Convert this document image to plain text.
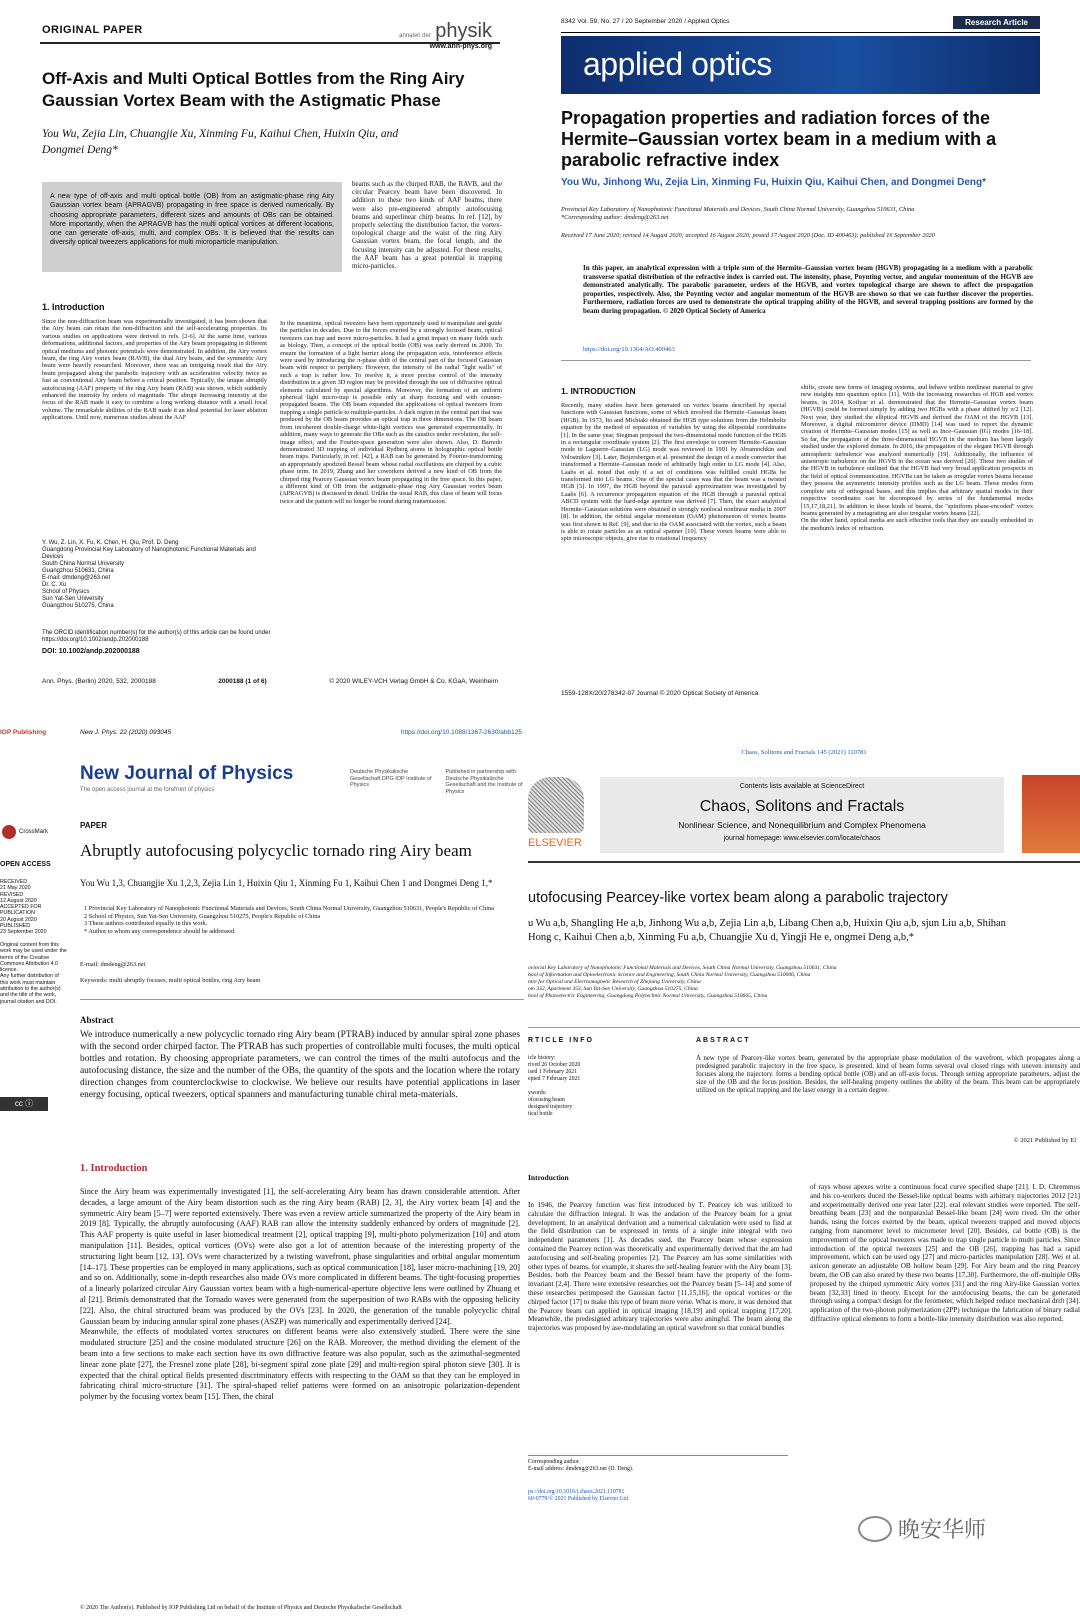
ORIGINAL PAPER	annalen der physik
www.ann-phys.org
Off-Axis and Multi Optical Bottles from the Ring Airy Gaussian Vortex Beam with the Astigmatic Phase
You Wu, Zejia Lin, Chuangjie Xu, Xinming Fu, Kaihui Chen, Huixin Qiu, and Dongmei Deng*
A new type of off-axis and multi optical bottle (OB) from an astigmatic-phase ring Airy Gaussian vortex beam (APRAGVB) propagating in free space is derived numerically. By choosing appropriate parameters, different sizes and amounts of OBs can be obtained. More importantly, when the APRAGVB has the multi optical vortices at different locations, one can generate off-axis, multi, and complex OBs. It is believed that the results can diversify optical tweezers applications for multi microparticle manipulation.
beams such as the chirped RAB, the RAVB, and the circular Pearcey beam have been discovered. In addition to these two kinds of AAF beams, there were also pre-engineered abruptly autofocusing beams and superlinear chirp beams. In ref. [12], by properly selecting the distribution factor, the vortex-topological charge and the waist of the ring Airy Gaussian vortex beam, the focal length, and the focusing intensity can be adjusted. For these results, the AAF beam has a great potential in trapping micro-particles.
1. Introduction
Since the non-diffraction beam was experimentally investigated, it has been shown that the Airy beam can retain the non-diffraction and the self-accelerating properties. Its various studies on applications were derived in refs. [2-6]. At the same time, various deformations, additional factors, and properties of the Airy beam propagating in different optical mediums and photonic potentials were demonstrated. In addition, the Airy vortex beam, the ring Airy vortex beam (RAVB), the dual Airy beam, and the symmetric Airy beam were heavily researched. Moreover, there was an intriguing result that the Airy beam propagated along the parabolic trajectory with an acceleration velocity twice as fast as conventional Airy beam before a critical position. Typically, the unique abruptly autofocusing (AAF) property of the ring Airy beam (RAB) was shown, which suddenly enhanced the intensity by orders of magnitude. The abrupt increasing intensity at the focus of the RAB made it easy to combine a long working distance with a small focal volume. The remarkable abilities of the RAB made it an ideal potential for laser ablation applications. Until now, numerous studies about the AAF
In the meantime, optical tweezers have been opportunely used to manipulate and guide the particles in decades. Due to the forces exerted by a strongly focused beam, optical tweezers can trap and move micro-particles. It had a great impact on many fields such as biology. Then, a concept of the optical bottle (OB) was early derived in 2000. To ensure the formation of a light barrier along the propagation axis, interference effects were used by introducing the π-phase shift of the central part of the focused Gaussian beam with respect to periphery. However, the intensity of the radial "light walls" of such a trap is rather low. To resolve it, a more precise control of the intensity distribution in a given 3D region may be provided through the use of diffractive optical elements calculated by special algorithms. Moreover, the formation of an uniform spherical light micro-trap is possible only at sharp focusing and with counter-propagated beams. The OB beam expanded the applications of optical tweezers from trapping a single particle to multiple-particles. A dark region in the central part that was produced by the OB beam provides an optical trap in three dimensions. The OB beam from incoherent double-charge white-light vortices was generated experimentally. In addition, many ways to generate the OBs such as the caustics under revolution, the self-image effect, and the Fourier-space generation were also shown. Also, D. Barredo demonstrated 3D trapping of individual Rydberg atoms in holographic optical bottle beam traps. Particularly, in ref. [42], a RAB can be generated by Fourier-transforming an appropriately apodized Bessel beam whose radial oscillations are chirped by a cubic phase term. In 2019, Zhang and her coworkers derived a new kind of OB from the chirped ring Pearcey Gaussian vortex beam propagating in the free space. In this paper, a different kind of OB from the astigmatic-phase ring Airy Gaussian vortex beam (APRAGVB) is discussed in detail. Unlike the usual RAB, this class of beam will focus twice and the pattern will no longer be round during transmission.
Y. Wu, Z. Lin, X. Fu, K. Chen, H. Qiu, Prof. D. Deng
Guangdong Provincial Key Laboratory of Nanophotonic Functional Materials and Devices
South China Normal University
Guangzhou 510631, China
E-mail: dmdeng@263.net
Dr. C. Xu
School of Physics
Sun Yat-Sen University
Guangzhou 510275, China
The ORCID identification number(s) for the author(s) of this article can be found under https://doi.org/10.1002/andp.202000188
DOI: 10.1002/andp.202000188
Ann. Phys. (Berlin) 2020, 532, 2000188	2000188 (1 of 6)	© 2020 WILEY-VCH Verlag GmbH & Co. KGaA, Weinheim
8342 Vol. 59, No. 27 / 20 September 2020 / Applied Optics	Research Article
applied optics
Propagation properties and radiation forces of the Hermite–Gaussian vortex beam in a medium with a parabolic refractive index
You Wu, Jinhong Wu, Zejia Lin, Xinming Fu, Huixin Qiu, Kaihui Chen, and Dongmei Deng*
Provincial Key Laboratory of Nanophotonic Functional Materials and Devices, South China Normal University, Guangzhou 510631, China
*Corresponding author: dmdeng@263.net
Received 17 June 2020; revised 14 August 2020; accepted 16 August 2020; posted 17 August 2020 (Doc. ID 400463); published 16 September 2020
In this paper, an analytical expression with a triple sum of the Hermite–Gaussian vortex beam (HGVB) propagating in a medium with a parabolic transverse spatial distribution of the refractive index is carried out. The intensity, phase, Poynting vector, and angular momentum of the HGVB are demonstrated analytically. The parabolic parameter, orders of the HGVB, and vortex topological charge are shown to affect the propagation properties, respectively. Also, the Poynting vector and angular momentum of the HGVB are shown so that we can further discover the properties. Furthermore, radiation forces are used to demonstrate the optical trapping ability of the HGVB, and several trapping positions are formed by the beam during propagation. © 2020 Optical Society of America
https://doi.org/10.1364/AO.400463
1. INTRODUCTION
Recently, many studies have been generated on vortex beams described by special functions with Gaussian functions, some of which involved the Hermite–Gaussian beam (HGB). In 1973, Ito and Michiaki obtained the HGB type solutions from the Helmholtz equation by the method of separation of variables by using the ellipsoidal coordinates [1]. In the same year, Siegman proposed the two-dimensional mode function of the HGB in a rectangular coordinate system [2]. The first envelope to convert Hermite–Gaussian mode to Laguerre–Gaussian (LG) mode was reviewed in 1991 by Abramochkin and Volostnikov [3]. Later, Beijersbergen et al. presented the design of a mode converter that transformed a Hermite–Gaussian mode of arbitrarily high order to LG mode [4]. Also, Laabs et al. noted that only if a set of conditions was fulfilled could HGBs be transformed into LG beams. One of the special cases was that the beam was a twisted HGB [5]. In 1997, the HGB beyond the paraxial approximation was investigated by Laabs [6]. A recurrence propagation equation of the HGB through a paraxial optical ABCD system with the hard-edge aperture was derived [7]. Then, the exact analytical Hermite–Gaussian solutions were obtained in strongly nonlocal nonlinear media in 2007 [8]. In addition, the orbital angular momentum (OAM) phenomenon of vortex beams was first shown in Ref. [9], and due to the OAM associated with the vortex, such a beam is able to rotate particles as an optical spanner [10]. These vortex beams were able to spin microscopic objects, give rise to rotational frequency
shifts, create new forms of imaging systems, and behave within nonlinear material to give new insights into quantum optics [11]. With the increasing researches of HGB and vortex beams, in 2014, Kotlyar et al. demonstrated that the Hermite–Gaussian vortex beam (HGVB) could be formed simply by adding two HGBs with a phase shifted by π/2 [12]. Next year, they studied the elliptical HGVB and derived the OAM of the HGVB [13]. Moreover, a digital micromirror device (DMD) [14] was used to report the dynamic creation of Hermite–Gaussian modes [15] as well as Ince–Gaussian (IG) modes [16–18]. So far, the propagation of the three-dimensional HGVB in the medium has been largely studied under the explored domain. In 2016, the propagation of the elegant HGVB through atmospheric turbulence was analyzed numerically [19]. Additionally, the influence of anisotropic turbulence on the HGVB in the ocean was derived [20]. These two studies of the HGVB in turbulence outlined that the HGVB had very broad application prospects in the field of optical communication. HGVBs can be taken as irregular vortex beams because they possess the asymmetric intensity profiles such as the LG beam. Those modes form complete sets of orthogonal bases, and this implies that arbitrary spatial modes in their respective coordinates can be decomposed by series of the fundamental modes [15,17,18,21]. In addition to these kinds of beams, the "spiniform phase-encoded" vortex beams generated by a metagrating are also irregular vortex beams [22].
On the other hand, optical media are such effective tools that they are usually embedded in the medium's index of refraction.
1559-128X/20/278342-07 Journal © 2020 Optical Society of America
IOP Publishing	New J. Phys. 22 (2020) 093045	https://doi.org/10.1088/1367-2630/abb125
New Journal of Physics
The open access journal at the forefront of physics
Deutsche Physikalische Gesellschaft DPG IOP Institute of Physics
Published in partnership with: Deutsche Physikalische Gesellschaft and the Institute of Physics
CrossMark
OPEN ACCESS
RECEIVED
21 May 2020
REVISED
12 August 2020
ACCEPTED FOR PUBLICATION
20 August 2020
PUBLISHED
23 September 2020

Original content from this work may be used under the terms of the Creative Commons Attribution 4.0 licence.
Any further distribution of this work must maintain attribution to the author(s) and the title of the work, journal citation and DOI.
cc ⓘ
PAPER
Abruptly autofocusing polycyclic tornado ring Airy beam
You Wu 1,3, Chuangjie Xu 1,2,3, Zejia Lin 1, Huixin Qiu 1, Xinming Fu 1, Kaihui Chen 1 and Dongmei Deng 1,*
1 Provincial Key Laboratory of Nanophotonic Functional Materials and Devices, South China Normal University, Guangzhou 510631, People's Republic of China
2 School of Physics, Sun Yat-Sen University, Guangzhou 510275, People's Republic of China
3 These authors contributed equally in this work.
* Author to whom any correspondence should be addressed.
E-mail: dmdeng@263.net
Keywords: multi abruptly focuses, multi optical bottles, ring Airy beam
Abstract
We introduce numerically a new polycyclic tornado ring Airy beam (PTRAB) induced by annular spiral zone phases with the second order chirped factor. The PTRAB has such properties of controllable multi focuses, the multi optical bottles and rotation. By choosing appropriate parameters, we can control the times of the multi autofocus and the autofocusing distance, the size and the number of the OBs, the quantity of the spots and the location where the rotary direction changes from counterclockwise to clockwise. We believe our results have potential applications in laser energy focusing, optical tweezers, optical spanners and manufacturing tunable chiral meta-materials.
1. Introduction
Since the Airy beam was experimentally investigated [1], the self-accelerating Airy beam has drawn considerable attention. After decades, a large amount of the Airy beam distortion such as the ring Airy beam (RAB) [2, 3], the Airy vortex beam [4] and the symmetric Airy beam [5–7] were reported extensively. There was even a review article summarized the property of the Airy beam in 2019 [8]. Typically, the abruptly autofocusing (AAF) RAB can allow the intensity suddenly enhanced by orders of magnitude [2]. This AAF property is quite useful in laser biomedical treatment [2], optical trapping [9], multi-photo polymerization [10] and atom manipulation [11]. Besides, optical vortices (OVs) were also got a lot of attention because of the interesting property of the structuring light beam [12, 13]. OVs were characterized by a twisting wavefront, phase singularities and orbital angular momentum [14–17]. These properties can be employed in many applications, such as optical communication [18], laser micro-machining [19, 20] and so on. Additionally, some in-depth researches also made OVs more complicated in different beams. The tight-focusing properties of a linearly polarized circular Airy Gaussian vortex beam with a high-numerical-aperture objective lens were outlined by Zhuang et al [21]. Brimis demonstrated that the Tornado waves were generated from the superposition of two RABs with the opposing helicity [22]. Also, the chiral structured beam was produced by the OVs [23]. In 2020, the generation of the tunable polycyclic chiral Gaussian beam by inducing annular spiral zone phases (ASZP) was numerically and experimentally derived [24].
Meanwhile, the effects of modulated vortex structures on different beams were also extensively studied. There were the sine modulated structure [25] and the cosine modulated structure [26] on the RAB. Moreover, the method dividing the element of the beam into a few sections to make each section have its own diffractive feature was also popular, such as the azimuthal-segmented linear zone plate [27], the Fresnel zone plate [28], bi-segment spiral zone plate [29] and multi-region spiral photon sieve [30]. It is expected that the chiral optical fields presented discriminatory effects with respecting to the OAM so that they can be employed in fabricating chiral micro-structure [31]. The spiral-shaped relief patterns were formed on an anisotropic polarization-dependent polymer by the focusing vortex beam [15]. Then, the chiral
© 2020 The Author(s). Published by IOP Publishing Ltd on behalf of the Institute of Physics and Deutsche Physikalische Gesellschaft
Chaos, Solitons and Fractals 145 (2021) 110781
ELSEVIER
Contents lists available at ScienceDirect
Chaos, Solitons and Fractals
Nonlinear Science, and Nonequilibrium and Complex Phenomena
journal homepage: www.elsevier.com/locate/chaos
utofocusing Pearcey-like vortex beam along a parabolic trajectory
u Wu a,b, Shangling He a,b, Jinhong Wu a,b, Zejia Lin a,b, Libang Chen a,b, Huixin Qiu a,b, sjun Liu a,b, Shihan Hong c, Kaihui Chen a,b, Xinming Fu a,b, Chuangjie Xu d, Yingji He e, ongmei Deng a,b,*
ovincial Key Laboratory of Nanophotonic Functional Materials and Devices, South China Normal University, Guangzhou 510631, China
hool of Information and Optoelectronic Science and Engineering, South China Normal University, Guangzhou 510006, China
ntre for Optical and Electromagnetic Research of Zhejiang University, China
om 332, Apartment 353, Sun Yat-Sen University, Guangzhou 510275, China
hool of Photoelectric Engineering, Guangdong Polytechnic Normal University, Guangzhou 510665, China
RTICLE INFO
icle history:
rived 26 October 2020
ised 1 February 2021
epted 7 February 2021

ywords:
ofocusing beam
designed trajectory
tical bottle
ABSTRACT
A new type of Pearcey-like vortex beam, generated by the appropriate phase modulation of the wavefront, which propagates along a predesigned parabolic trajectory in the free space, is presented. kind of beam forms several oval closed rings with uneven intensity and focuses along the trajectory. forms a bending optical bottle (OB) and an off-axis focus. Through setting appropriate parameters, adjust the size of the OB and the focus position. Besides, the self-healing property outlines the ability of the beam. This beam can be appropriately utilized on the optical trapping and the laser energy in a certain degree.
© 2021 Published by El
Introduction
In 1946, the Pearcey function was first introduced by T. Pearcey ich was utilized to calculate the diffraction integral. It was the andation of the Pearcey beam for a great development. In an analytical derivation and a numerical calculation were used to find at the field distribution can be expressed in terms of a single inite integral with two independent parameters [1]. As decades ssed, the Pearcey beam whose expression contained the Pearcey nction was theoretically and experimentally derived that the am had autofocusing and self-healing properties [2]. The Pearcey am has some similarities with other types of beams, for example, it shares the self-healing feature with the Airy beam [3]. Besides, both the Pearcey beam and the Bessel beam have the property of the form-invariant [2,4]. There were extensive researches out the Pearcey beam [5–14] and some of these researches perimposed the Gaussian factor [11,15,16], the optical vortices or the chirped factor [17] to make this type of beam more verse. What is more, it was denoted that the Pearcey beam can applied in optical imaging [18,19] and optical trapping [17,20]. Meanwhile, the predesigned arbitrary trajectories were also aningful. The beam along the trajectories was proposed by ase-modulating an optical wavefront so that conical bundles
of rays whose apexes write a continuous focal curve specified shape [21]. I. D. Chremmos and his co-workers duced the Bessel-like optical beams with arbitrary trajectories 2012 [21] and experimentally derived one year later [22]. eral relevant studies were reported. The self-breathing beam [23] and the nonparaxial Bessel-like beam [24] were rived. On the other hands, using the forces exerted by the beam, optical tweezers trapped and moved objects ranging from nanometer level to micrometer level [20]. Besides, cal bottle (OB) is the improvement of the optical tweezers was made to trap single particle to multi particles. Since introduction of the optical tweezers [25] and the OB [26], trapping has had a rapid improvement, which can be used ogy [27] and micro-particles manipulation [28]. Wei et al. axicon generate an adjustable OB hollow beam [29]. For Airy beam and the ring Pearcey beam, the OB can also erated by these two beams [17,30]. Furthermore, the off-multiple OBs proposed by the chirped symmetric Airy vortex [31] and the ring Airy-like Gaussian vortex beam [32,33] lined in theory. Except for the autofocusing beams, the can be generated through using a compact design for the ferometer, which helped reduce mechanical drift [34]. application of the two-photon polymerization (2PP) technique the fabrication of binary radial diffractive optical elements to form a bottle-like intensity distribution was also reported.
Corresponding author.
E-mail address: dmdeng@263.net (D. Deng).
ps://doi.org/10.1016/j.chaos.2021.110781
60-0779/© 2021 Published by Elsevier Ltd.
晚安华师
